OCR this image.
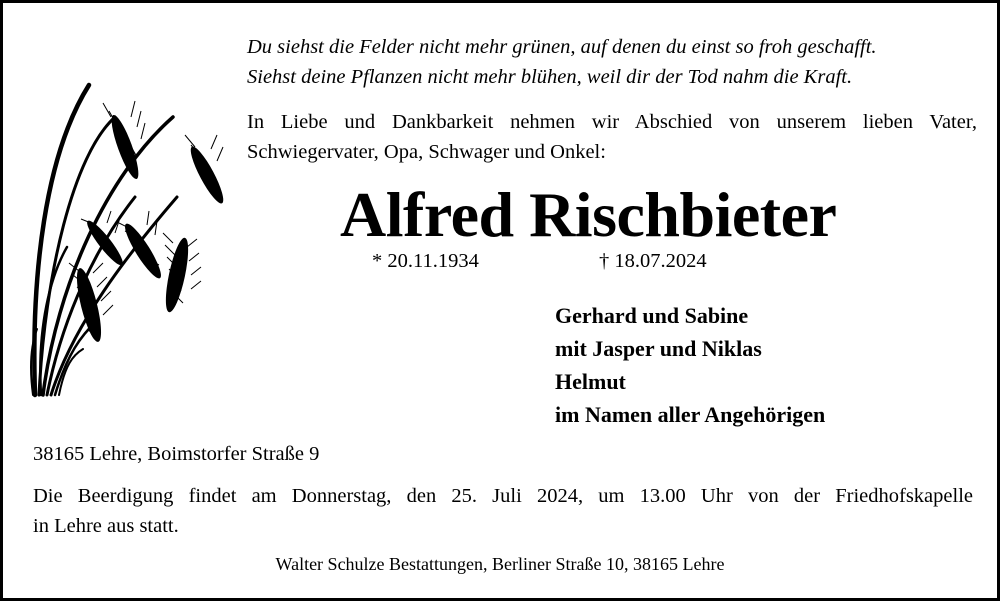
Du siehst die Felder nicht mehr grünen, auf denen du einst so froh geschafft.
Siehst deine Pflanzen nicht mehr blühen, weil dir der Tod nahm die Kraft.
In Liebe und Dankbarkeit nehmen wir Abschied von unserem lieben Vater,
Schwiegervater, Opa, Schwager und Onkel:
Alfred Rischbieter
* 20.11.1934	† 18.07.2024
Gerhard und Sabine
mit Jasper und Niklas
Helmut
im Namen aller Angehörigen
38165 Lehre, Boimstorfer Straße 9
Die Beerdigung findet am Donnerstag, den 25. Juli 2024, um 13.00 Uhr von der Friedhofskapelle
in Lehre aus statt.
Walter Schulze Bestattungen, Berliner Straße 10, 38165 Lehre
